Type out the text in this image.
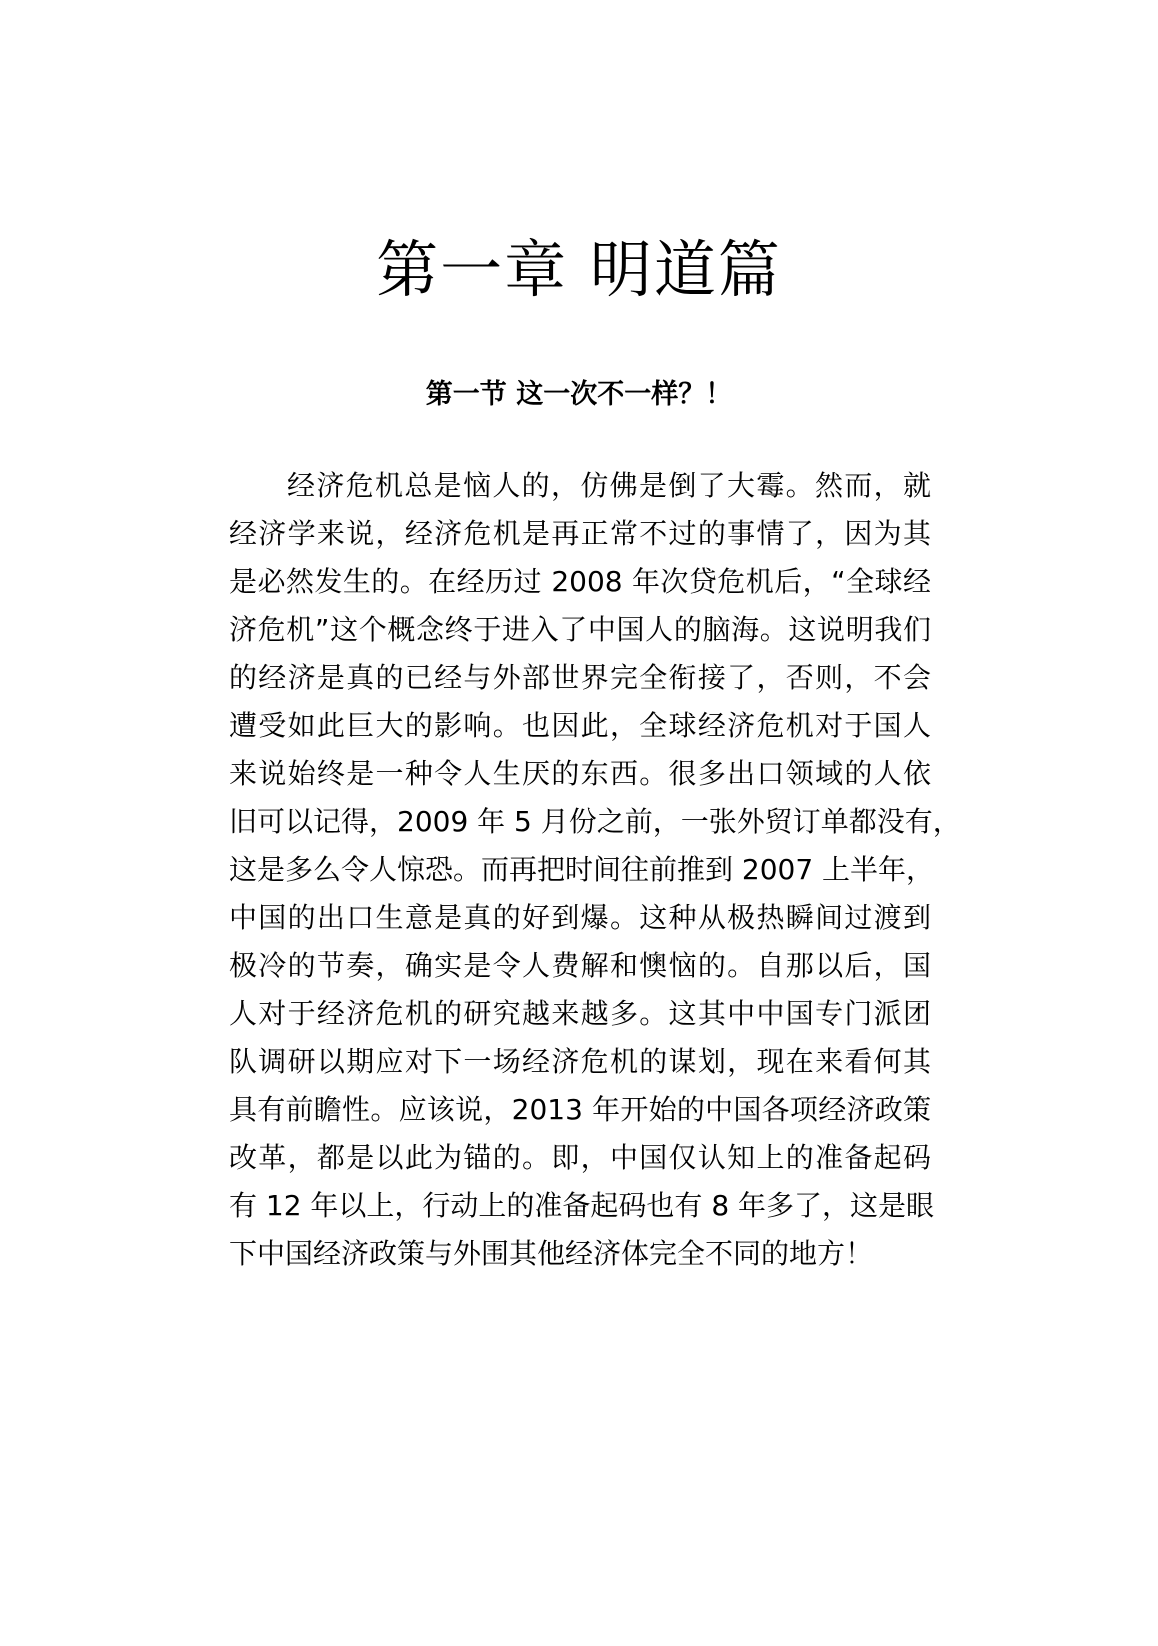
第一章 明道篇
第一节 这一次不一样？！
经济危机总是恼人的，仿佛是倒了大霉。然而，就
经济学来说，经济危机是再正常不过的事情了，因为其
是必然发生的。在经历过 2008 年次贷危机后，“全球经
济危机”这个概念终于进入了中国人的脑海。这说明我们
的经济是真的已经与外部世界完全衔接了，否则，不会
遭受如此巨大的影响。也因此，全球经济危机对于国人
来说始终是一种令人生厌的东西。很多出口领域的人依
旧可以记得，2009 年 5 月份之前，一张外贸订单都没有，
这是多么令人惊恐。而再把时间往前推到 2007 上半年，
中国的出口生意是真的好到爆。这种从极热瞬间过渡到
极冷的节奏，确实是令人费解和懊恼的。自那以后，国
人对于经济危机的研究越来越多。这其中中国专门派团
队调研以期应对下一场经济危机的谋划，现在来看何其
具有前瞻性。应该说，2013 年开始的中国各项经济政策
改革，都是以此为锚的。即，中国仅认知上的准备起码
有 12 年以上，行动上的准备起码也有 8 年多了，这是眼
下中国经济政策与外围其他经济体完全不同的地方！
